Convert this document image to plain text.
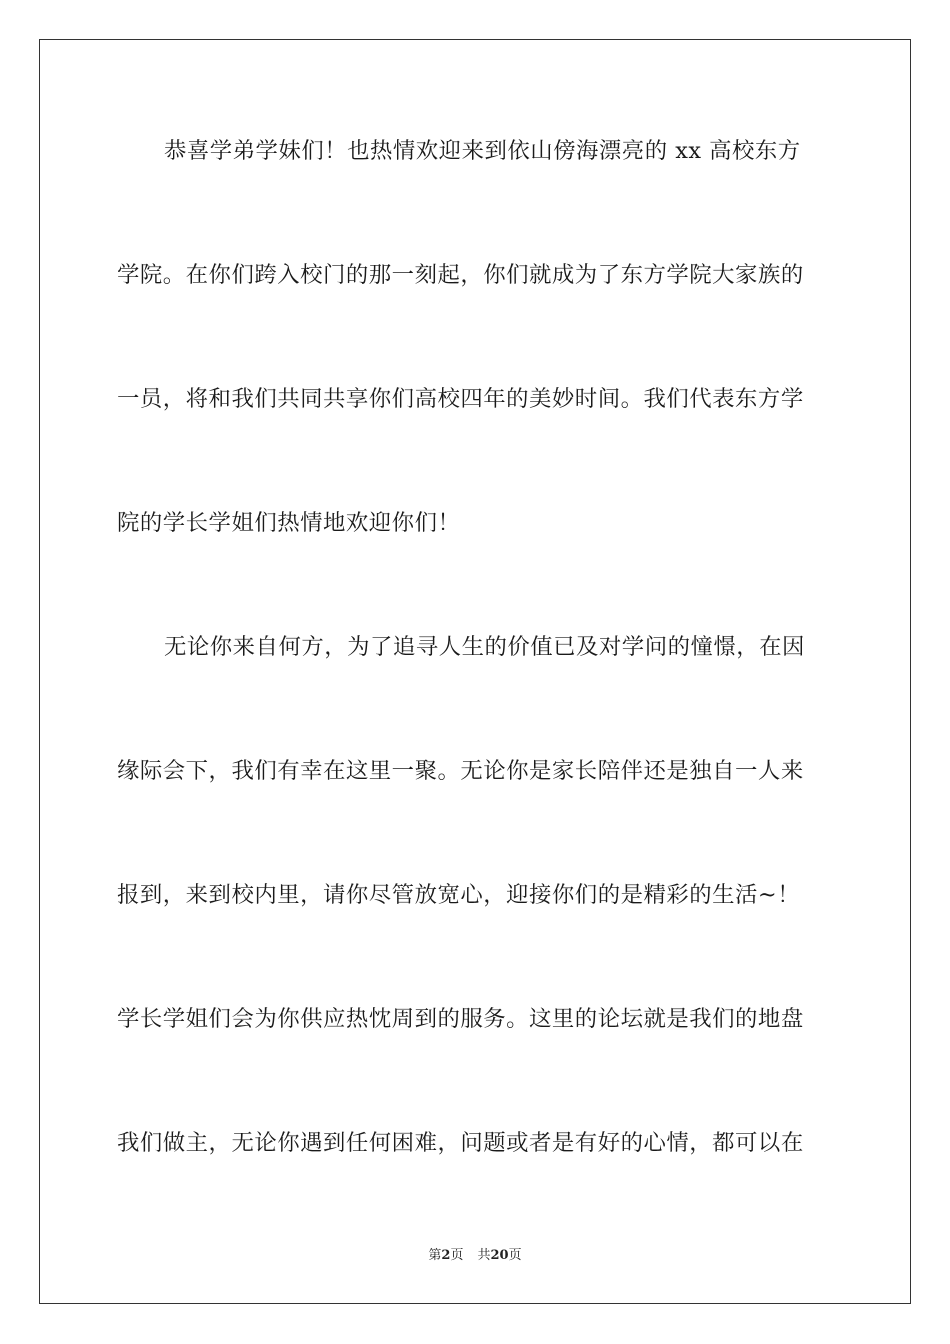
恭喜学弟学妹们！也热情欢迎来到依山傍海漂亮的 xx 高校东方
学院。在你们跨入校门的那一刻起，你们就成为了东方学院大家族的
一员，将和我们共同共享你们高校四年的美妙时间。我们代表东方学
院的学长学姐们热情地欢迎你们！
无论你来自何方，为了追寻人生的价值已及对学问的憧憬，在因
缘际会下，我们有幸在这里一聚。无论你是家长陪伴还是独自一人来
报到，来到校内里，请你尽管放宽心，迎接你们的是精彩的生活~！
学长学姐们会为你供应热忱周到的服务。这里的论坛就是我们的地盘
我们做主，无论你遇到任何困难，问题或者是有好的心情，都可以在
第2页 共20页
